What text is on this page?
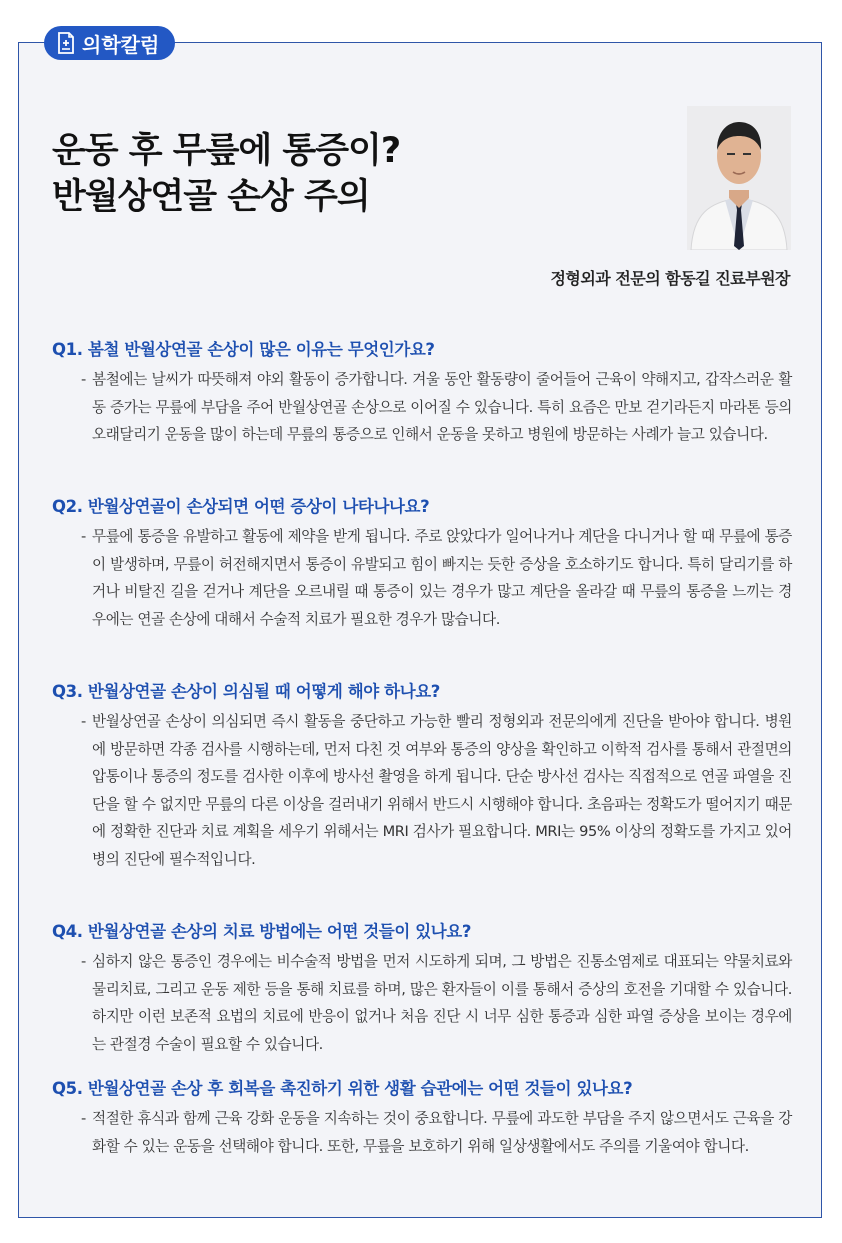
의학칼럼
운동 후 무릎에 통증이?
반월상연골 손상 주의
정형외과 전문의 함동길 진료부원장

Q1. 봄철 반월상연골 손상이 많은 이유는 무엇인가요?

- 봄철에는 날씨가 따뜻해져 야외 활동이 증가합니다. 겨울 동안 활동량이 줄어들어 근육이 약해지고, 갑작스러운 활동 증가는 무릎에 부담을 주어 반월상연골 손상으로 이어질 수 있습니다. 특히 요즘은 만보 걷기라든지 마라톤 등의 오래달리기 운동을 많이 하는데 무릎의 통증으로 인해서 운동을 못하고 병원에 방문하는 사례가 늘고 있습니다.

Q2. 반월상연골이 손상되면 어떤 증상이 나타나나요?

- 무릎에 통증을 유발하고 활동에 제약을 받게 됩니다. 주로 앉았다가 일어나거나 계단을 다니거나 할 때 무릎에 통증이 발생하며, 무릎이 허전해지면서 통증이 유발되고 힘이 빠지는 듯한 증상을 호소하기도 합니다. 특히 달리기를 하거나 비탈진 길을 걷거나 계단을 오르내릴 때 통증이 있는 경우가 많고 계단을 올라갈 때 무릎의 통증을 느끼는 경우에는 연골 손상에 대해서 수술적 치료가 필요한 경우가 많습니다.

Q3. 반월상연골 손상이 의심될 때 어떻게 해야 하나요?

- 반월상연골 손상이 의심되면 즉시 활동을 중단하고 가능한 빨리 정형외과 전문의에게 진단을 받아야 합니다. 병원에 방문하면 각종 검사를 시행하는데, 먼저 다친 것 여부와 통증의 양상을 확인하고 이학적 검사를 통해서 관절면의 압통이나 통증의 정도를 검사한 이후에 방사선 촬영을 하게 됩니다. 단순 방사선 검사는 직접적으로 연골 파열을 진단을 할 수 없지만 무릎의 다른 이상을 걸러내기 위해서 반드시 시행해야 합니다. 초음파는 정확도가 떨어지기 때문에 정확한 진단과 치료 계획을 세우기 위해서는 MRI 검사가 필요합니다. MRI는 95% 이상의 정확도를 가지고 있어 병의 진단에 필수적입니다.

Q4. 반월상연골 손상의 치료 방법에는 어떤 것들이 있나요?

- 심하지 않은 통증인 경우에는 비수술적 방법을 먼저 시도하게 되며, 그 방법은 진통소염제로 대표되는 약물치료와 물리치료, 그리고 운동 제한 등을 통해 치료를 하며, 많은 환자들이 이를 통해서 증상의 호전을 기대할 수 있습니다. 하지만 이런 보존적 요법의 치료에 반응이 없거나 처음 진단 시 너무 심한 통증과 심한 파열 증상을 보이는 경우에는 관절경 수술이 필요할 수 있습니다.

Q5. 반월상연골 손상 후 회복을 촉진하기 위한 생활 습관에는 어떤 것들이 있나요?

- 적절한 휴식과 함께 근육 강화 운동을 지속하는 것이 중요합니다. 무릎에 과도한 부담을 주지 않으면서도 근육을 강화할 수 있는 운동을 선택해야 합니다. 또한, 무릎을 보호하기 위해 일상생활에서도 주의를 기울여야 합니다.
